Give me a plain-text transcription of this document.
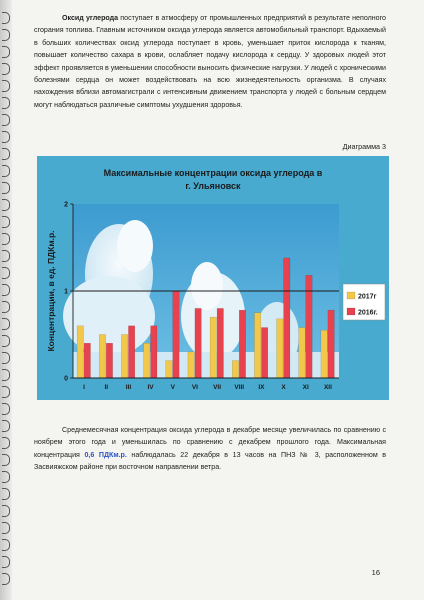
Оксид углерода поступает в атмосферу от промышленных предприятий в результате неполного сгорания топлива. Главным источником оксида углерода является автомобильный транспорт. Вдыхаемый в больших количествах оксид углерода поступает в кровь, уменьшает приток кислорода к тканям, повышает количество сахара в крови, ослабляет подачу кислорода к сердцу. У здоровых людей этот эффект проявляется в уменьшении способности выносить физические нагрузки. У людей с хроническими болезнями сердца он может воздействовать на всю жизнедеятельность организма. В случаях нахождения вблизи автомагистрали с интенсивным движением транспорта у людей с больным сердцем могут наблюдаться различные симптомы ухудшения здоровья.

Диаграмма 3
Максимальные концентрации оксида углерода в
г. Ульяновск
Концентрации, в ед. ПДКм.р.
I	II	III	IV	V	VI VII VIII IX	X	XI XII
0
1
2
2017г
2016г.

Среднемесячная концентрация оксида углерода в декабре месяце увеличилась по сравнению с ноябрем этого года и уменьшилась по сравнению с декабрем прошлого года. Максимальная концентрация 0,6 ПДКм.р. наблюдалась 22 декабря в 13 часов на ПНЗ № 3, расположенном в Засвияжском районе при восточном направлении ветра.

16
